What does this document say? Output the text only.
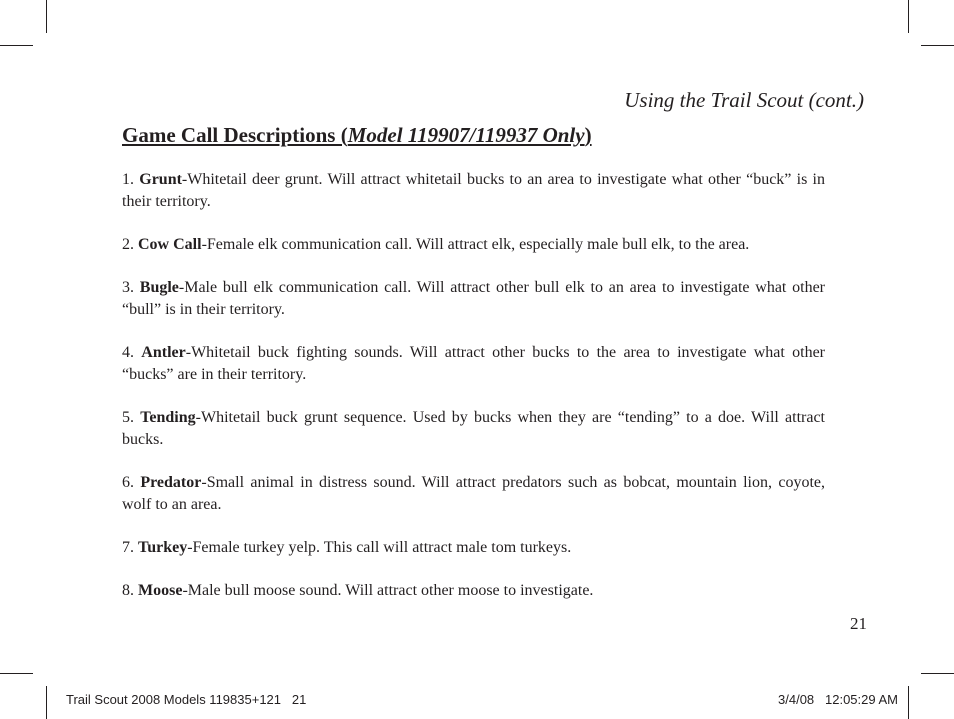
Using the Trail Scout (cont.)
Game Call Descriptions (Model 119907/119937 Only)
1. Grunt-Whitetail deer grunt. Will attract whitetail bucks to an area to investigate what other “buck” is in their territory.
2. Cow Call-Female elk communication call. Will attract elk, especially male bull elk, to the area.
3. Bugle-Male bull elk communication call. Will attract other bull elk to an area to investigate what other “bull” is in their territory.
4. Antler-Whitetail buck fighting sounds. Will attract other bucks to the area to investigate what other “bucks” are in their territory.
5. Tending-Whitetail buck grunt sequence. Used by bucks when they are “tending” to a doe. Will attract bucks.
6. Predator-Small animal in distress sound. Will attract predators such as bobcat, mountain lion, coyote, wolf to an area.
7. Turkey-Female turkey yelp. This call will attract male tom turkeys.
8. Moose-Male bull moose sound. Will attract other moose to investigate.
21
Trail Scout 2008 Models 119835+121   21	3/4/08   12:05:29 AM
